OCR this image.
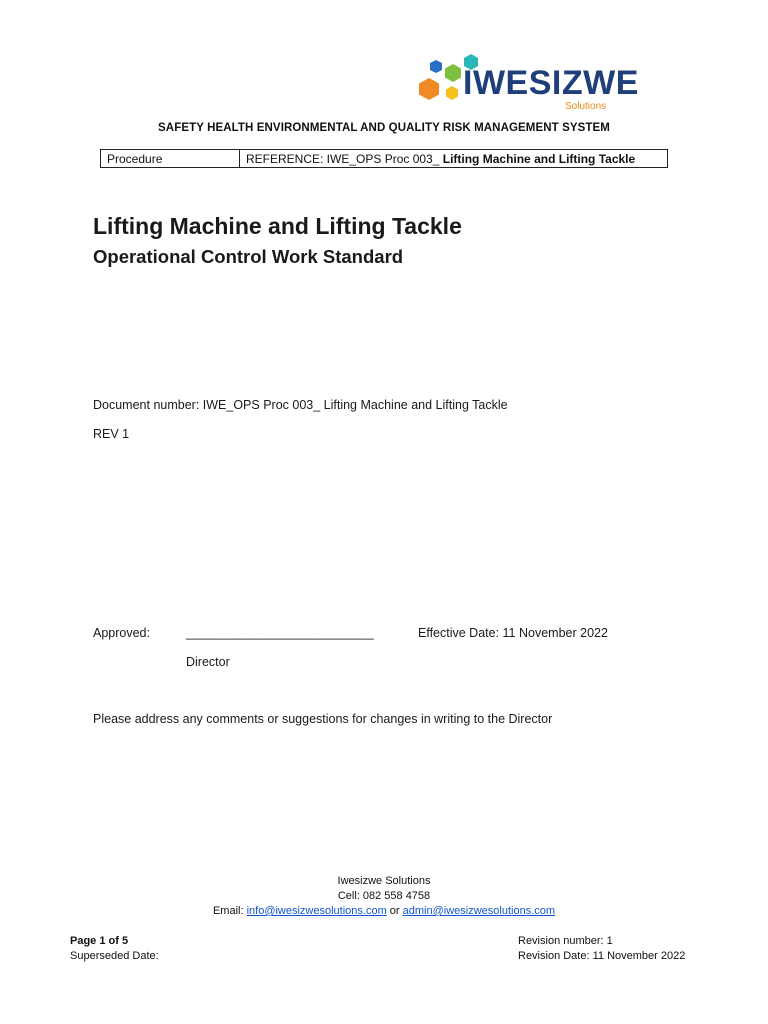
IWESIZWE
Solutions
SAFETY HEALTH ENVIRONMENTAL AND QUALITY RISK MANAGEMENT SYSTEM
Procedure	REFERENCE: IWE_OPS Proc 003_ Lifting Machine and Lifting Tackle
Lifting Machine and Lifting Tackle
Operational Control Work Standard
Document number: IWE_OPS Proc 003_ Lifting Machine and Lifting Tackle
REV 1
Approved:	___________________________	Effective Date: 11 November 2022
Director
Please address any comments or suggestions for changes in writing to the Director
Iwesizwe Solutions
Cell: 082 558 4758
Email: info@iwesizwesolutions.com or admin@iwesizwesolutions.com
Page 1 of 5
Superseded Date:
Revision number: 1
Revision Date: 11 November 2022
